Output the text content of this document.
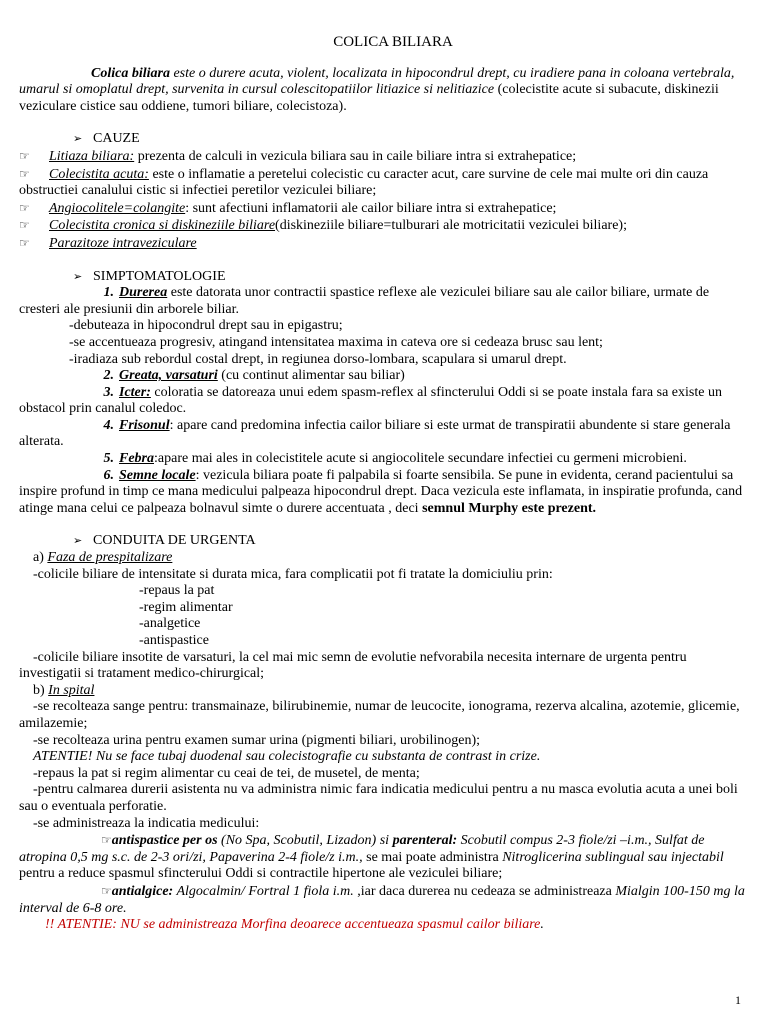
COLICA BILIARA

Colica biliara este o durere acuta, violent, localizata in hipocondrul drept, cu iradiere pana in coloana vertebrala, umarul si omoplatul drept, survenita in cursul colescitopatiilor litiazice si nelitiazice (colecistite acute si subacute, diskinezii veziculare cistice sau oddiene, tumori biliare, colecistoza).

➢ CAUZE

☞ Litiaza biliara: prezenta de calculi in vezicula biliara sau in caile biliare intra si extrahepatice;

☞ Colecistita acuta: este o inflamatie a peretelui colecistic cu caracter acut, care survine de cele mai multe ori din cauza obstructiei canalului cistic si infectiei peretilor veziculei biliare;

☞ Angiocolitele=colangite: sunt afectiuni inflamatorii ale cailor biliare intra si extrahepatice;

☞ Colecistita cronica si diskineziile biliare(diskineziile biliare=tulburari ale motricitatii veziculei biliare);

☞ Parazitoze intraveziculare

➢ SIMPTOMATOLOGIE

1. Durerea este datorata unor contractii spastice reflexe ale veziculei biliare sau ale cailor biliare, urmate de cresteri ale presiunii din arborele biliar.

-debuteaza in hipocondrul drept sau in epigastru;

-se accentueaza progresiv, atingand intensitatea maxima in cateva ore si cedeaza brusc sau lent;

-iradiaza sub rebordul costal drept, in regiunea dorso-lombara, scapulara si umarul drept.

2. Greata, varsaturi (cu continut alimentar sau biliar)

3. Icter: coloratia se datoreaza unui edem spasm-reflex al sfincterului Oddi si se poate instala fara sa existe un obstacol prin canalul coledoc.

4. Frisonul: apare cand predomina infectia cailor biliare si este urmat de transpiratii abundente si stare generala alterata.

5. Febra:apare mai ales in colecistitele acute si angiocolitele secundare infectiei cu germeni microbieni.

6. Semne locale: vezicula biliara poate fi palpabila si foarte sensibila. Se pune in evidenta, cerand pacientului sa inspire profund in timp ce mana medicului palpeaza hipocondrul drept. Daca vezicula este inflamata, in inspiratie profunda, cand atinge mana celui ce palpeaza bolnavul simte o durere accentuata , deci semnul Murphy este prezent.

➢ CONDUITA DE URGENTA

a) Faza de prespitalizare

-colicile biliare de intensitate si durata mica, fara complicatii pot fi tratate la domiciuliu prin:

-repaus la pat

-regim alimentar

-analgetice

-antispastice

-colicile biliare insotite de varsaturi, la cel mai mic semn de evolutie nefvorabila necesita internare de urgenta pentru investigatii si tratament medico-chirurgical;

b) In spital

-se recolteaza sange pentru: transmainaze, bilirubinemie, numar de leucocite, ionograma, rezerva alcalina, azotemie, glicemie, amilazemie;

-se recolteaza urina pentru examen sumar urina (pigmenti biliari, urobilinogen);

ATENTIE! Nu se face tubaj duodenal sau colecistografie cu substanta de contrast in crize.

-repaus la pat si regim alimentar cu ceai de tei, de musetel, de menta;

-pentru calmarea durerii asistenta nu va administra nimic fara indicatia medicului pentru a nu masca evolutia acuta a unei boli sau o eventuala perforatie.

-se administreaza la indicatia medicului:

☞antispastice per os (No Spa, Scobutil, Lizadon) si parenteral: Scobutil compus 2-3 fiole/zi –i.m., Sulfat de atropina 0,5 mg s.c. de 2-3 ori/zi, Papaverina 2-4 fiole/z i.m., se mai poate administra Nitroglicerina sublingual sau injectabil pentru a reduce spasmul sfincterului Oddi si contractile hipertone ale veziculei biliare;

☞antialgice: Algocalmin/ Fortral 1 fiola i.m. ,iar daca durerea nu cedeaza se administreaza Mialgin 100-150 mg la interval de 6-8 ore.

!! ATENTIE: NU se administreaza Morfina deoarece accentueaza spasmul cailor biliare.

1
